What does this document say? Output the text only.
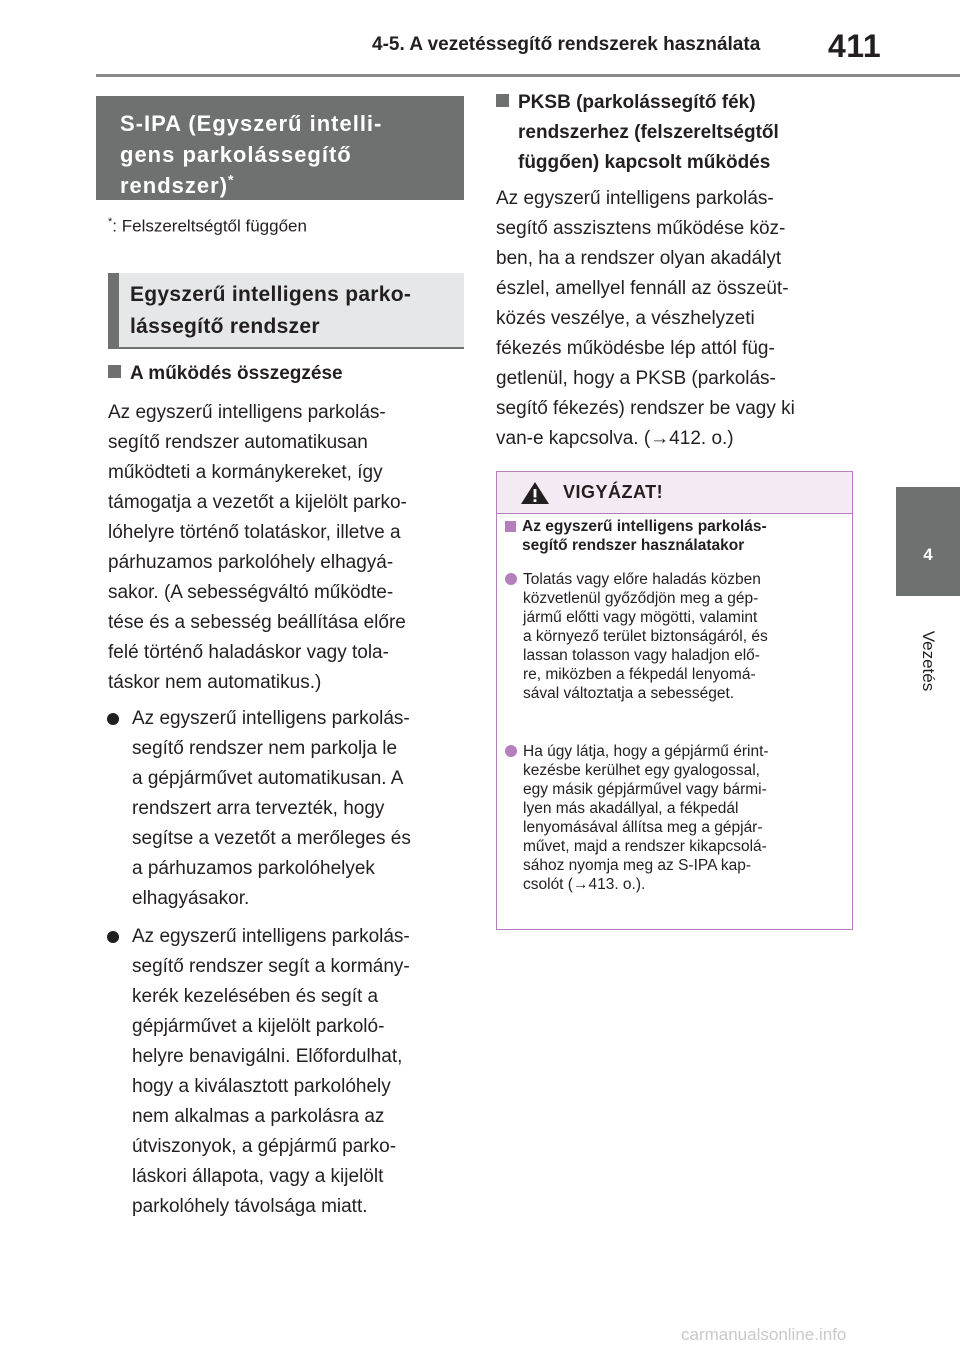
4-5. A vezetéssegítő rendszerek használata 411
4
Vezetés
S-IPA (Egyszerű intelli-
gens parkolássegítő
rendszer)*
*: Felszereltségtől függően
Egyszerű intelligens parko-
lássegítő rendszer
A működés összegzése
Az egyszerű intelligens parkolás-
segítő rendszer automatikusan
működteti a kormánykereket, így
támogatja a vezetőt a kijelölt parko-
lóhelyre történő tolatáskor, illetve a
párhuzamos parkolóhely elhagyá-
sakor. (A sebességváltó működte-
tése és a sebesség beállítása előre
felé történő haladáskor vagy tola-
táskor nem automatikus.)
Az egyszerű intelligens parkolás-
segítő rendszer nem parkolja le
a gépjárművet automatikusan. A
rendszert arra tervezték, hogy
segítse a vezetőt a merőleges és
a párhuzamos parkolóhelyek
elhagyásakor.
Az egyszerű intelligens parkolás-
segítő rendszer segít a kormány-
kerék kezelésében és segít a
gépjárművet a kijelölt parkoló-
helyre benavigálni. Előfordulhat,
hogy a kiválasztott parkolóhely
nem alkalmas a parkolásra az
útviszonyok, a gépjármű parko-
láskori állapota, vagy a kijelölt
parkolóhely távolsága miatt.
PKSB (parkolássegítő fék)
rendszerhez (felszereltségtől
függően) kapcsolt működés
Az egyszerű intelligens parkolás-
segítő asszisztens működése köz-
ben, ha a rendszer olyan akadályt
észlel, amellyel fennáll az összeüt-
közés veszélye, a vészhelyzeti
fékezés működésbe lép attól füg-
getlenül, hogy a PKSB (parkolás-
segítő fékezés) rendszer be vagy ki
van-e kapcsolva. (→412. o.)
VIGYÁZAT!
Az egyszerű intelligens parkolás-
segítő rendszer használatakor
Tolatás vagy előre haladás közben
közvetlenül győződjön meg a gép-
jármű előtti vagy mögötti, valamint
a környező terület biztonságáról, és
lassan tolasson vagy haladjon elő-
re, miközben a fékpedál lenyomá-
sával változtatja a sebességet.
Ha úgy látja, hogy a gépjármű érint-
kezésbe kerülhet egy gyalogossal,
egy másik gépjárművel vagy bármi-
lyen más akadállyal, a fékpedál
lenyomásával állítsa meg a gépjár-
művet, majd a rendszer kikapcsolá-
sához nyomja meg az S-IPA kap-
csolót (→413. o.).
carmanualsonline.info
